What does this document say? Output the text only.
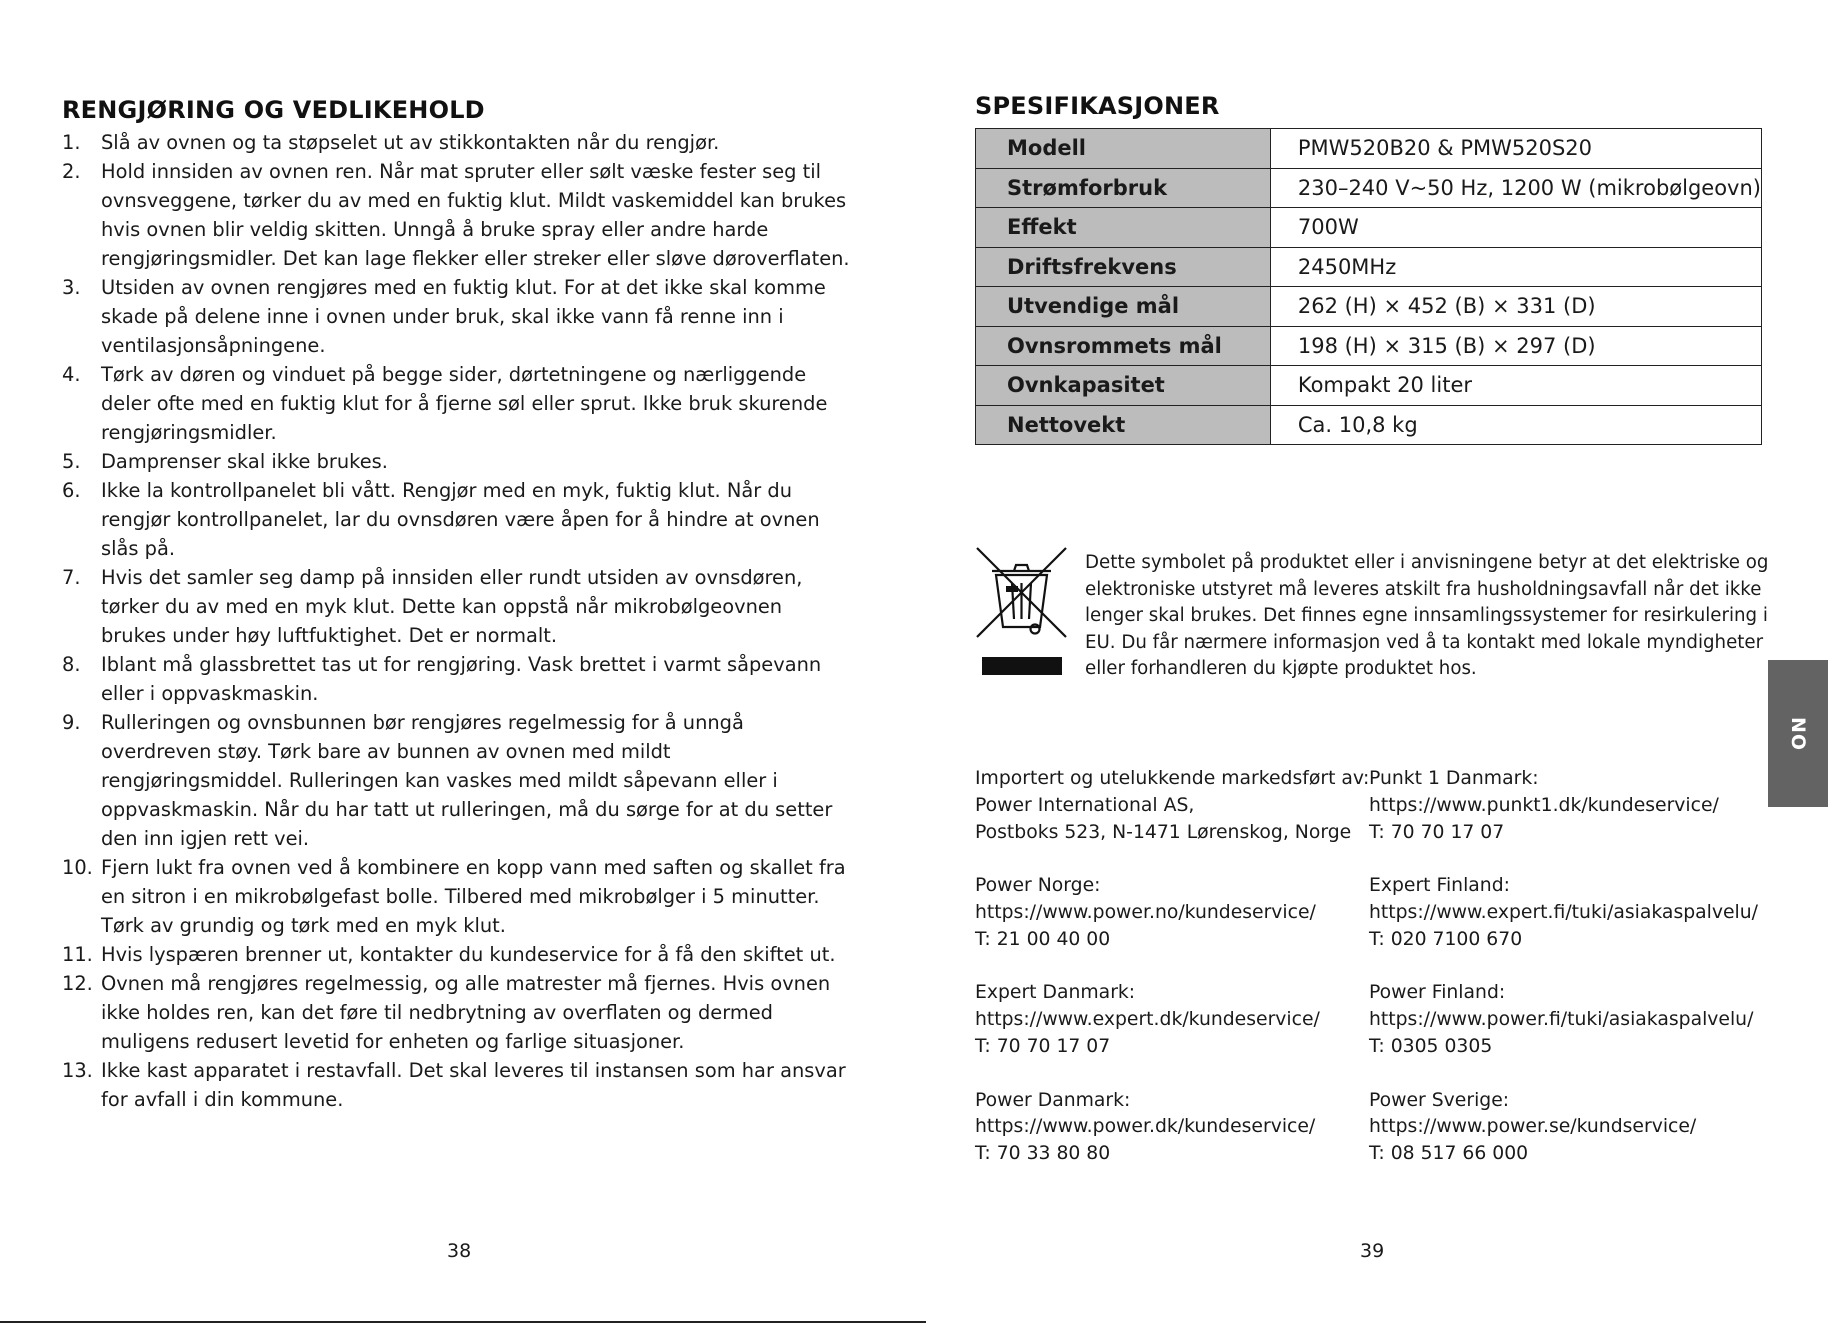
RENGJØRING OG VEDLIKEHOLD
1. Slå av ovnen og ta støpselet ut av stikkontakten når du rengjør.
2. Hold innsiden av ovnen ren. Når mat spruter eller sølt væske fester seg til ovnsveggene, tørker du av med en fuktig klut. Mildt vaskemiddel kan brukes hvis ovnen blir veldig skitten. Unngå å bruke spray eller andre harde rengjøringsmidler. Det kan lage flekker eller streker eller sløve døroverflaten.
3. Utsiden av ovnen rengjøres med en fuktig klut. For at det ikke skal komme skade på delene inne i ovnen under bruk, skal ikke vann få renne inn i ventilasjonsåpningene.
4. Tørk av døren og vinduet på begge sider, dørtetningene og nærliggende deler ofte med en fuktig klut for å fjerne søl eller sprut. Ikke bruk skurende rengjøringsmidler.
5. Damprenser skal ikke brukes.
6. Ikke la kontrollpanelet bli vått. Rengjør med en myk, fuktig klut. Når du rengjør kontrollpanelet, lar du ovnsdøren være åpen for å hindre at ovnen slås på.
7. Hvis det samler seg damp på innsiden eller rundt utsiden av ovnsdøren, tørker du av med en myk klut. Dette kan oppstå når mikrobølgeovnen brukes under høy luftfuktighet. Det er normalt.
8. Iblant må glassbrettet tas ut for rengjøring. Vask brettet i varmt såpevann eller i oppvaskmaskin.
9. Rulleringen og ovnsbunnen bør rengjøres regelmessig for å unngå overdreven støy. Tørk bare av bunnen av ovnen med mildt rengjøringsmiddel. Rulleringen kan vaskes med mildt såpevann eller i oppvaskmaskin. Når du har tatt ut rulleringen, må du sørge for at du setter den inn igjen rett vei.
10. Fjern lukt fra ovnen ved å kombinere en kopp vann med saften og skallet fra en sitron i en mikrobølgefast bolle. Tilbered med mikrobølger i 5 minutter. Tørk av grundig og tørk med en myk klut.
11. Hvis lyspæren brenner ut, kontakter du kundeservice for å få den skiftet ut.
12. Ovnen må rengjøres regelmessig, og alle matrester må fjernes. Hvis ovnen ikke holdes ren, kan det føre til nedbrytning av overflaten og dermed muligens redusert levetid for enheten og farlige situasjoner.
13. Ikke kast apparatet i restavfall. Det skal leveres til instansen som har ansvar for avfall i din kommune.
38
SPESIFIKASJONER
Modell	PMW520B20 & PMW520S20
Strømforbruk	230–240 V~50 Hz, 1200 W (mikrobølgeovn)
Effekt	700W
Driftsfrekvens	2450MHz
Utvendige mål	262 (H) × 452 (B) × 331 (D)
Ovnsrommets mål	198 (H) × 315 (B) × 297 (D)
Ovnkapasitet	Kompakt 20 liter
Nettovekt	Ca. 10,8 kg

Dette symbolet på produktet eller i anvisningene betyr at det elektriske og elektroniske utstyret må leveres atskilt fra husholdningsavfall når det ikke lenger skal brukes. Det finnes egne innsamlingssystemer for resirkulering i EU. Du får nærmere informasjon ved å ta kontakt med lokale myndigheter eller forhandleren du kjøpte produktet hos.

Importert og utelukkende markedsført av:
Power International AS,
Postboks 523, N-1471 Lørenskog, Norge
Power Norge:
https://www.power.no/kundeservice/
T: 21 00 40 00
Expert Danmark:
https://www.expert.dk/kundeservice/
T: 70 70 17 07
Power Danmark:
https://www.power.dk/kundeservice/
T: 70 33 80 80
Punkt 1 Danmark:
https://www.punkt1.dk/kundeservice/
T: 70 70 17 07
Expert Finland:
https://www.expert.fi/tuki/asiakaspalvelu/
T: 020 7100 670
Power Finland:
https://www.power.fi/tuki/asiakaspalvelu/
T: 0305 0305
Power Sverige:
https://www.power.se/kundservice/
T: 08 517 66 000
39
NO
